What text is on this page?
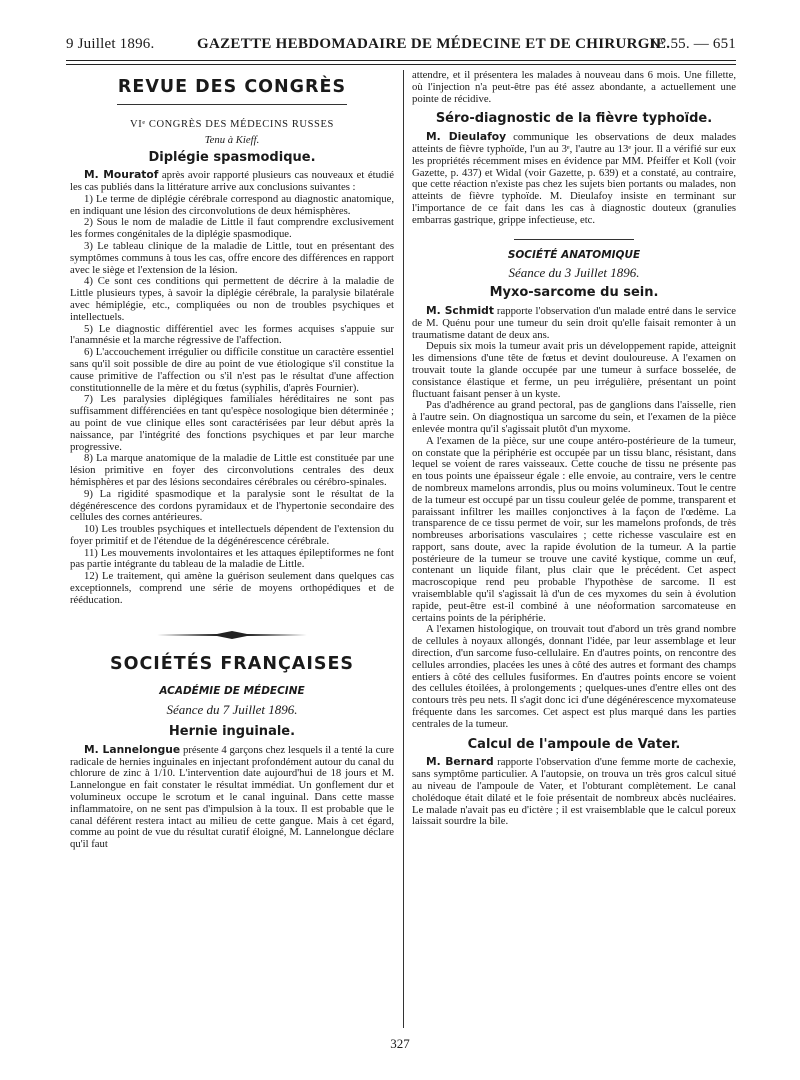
9 Juillet 1896.	GAZETTE HEBDOMADAIRE DE MÉDECINE ET DE CHIRURGIE.
N° 55. — 651
REVUE DES CONGRÈS
VIᵉ CONGRÈS DES MÉDECINS RUSSES
Tenu à Kieff.
Diplégie spasmodique.

M. Mouratof après avoir rapporté plusieurs cas nouveaux et étudié les cas publiés dans la littérature arrive aux conclusions suivantes :

1) Le terme de diplégie cérébrale correspond au diagnostic anatomique, en indiquant une lésion des circonvolutions de deux hémisphères.

2) Sous le nom de maladie de Little il faut comprendre exclusivement les formes congénitales de la diplégie spasmodique.

3) Le tableau clinique de la maladie de Little, tout en présentant des symptômes communs à tous les cas, offre encore des différences en rapport avec le siège et l'extension de la lésion.

4) Ce sont ces conditions qui permettent de décrire à la maladie de Little plusieurs types, à savoir la diplégie cérébrale, la paralysie bilatérale avec hémiplégie, etc., compliquées ou non de troubles psychiques et intellectuels.

5) Le diagnostic différentiel avec les formes acquises s'appuie sur l'anamnésie et la marche régressive de l'affection.

6) L'accouchement irrégulier ou difficile constitue un caractère essentiel sans qu'il soit possible de dire au point de vue étiologique s'il constitue la cause primitive de l'affection ou s'il n'est pas le résultat d'une affection constitutionnelle de la mère et du fœtus (syphilis, d'après Fournier).

7) Les paralysies diplégiques familiales héréditaires ne sont pas suffisamment différenciées en tant qu'espèce nosologique bien déterminée ; au point de vue clinique elles sont caractérisées par leur début après la naissance, par l'intégrité des fonctions psychiques et par leur marche progressive.

8) La marque anatomique de la maladie de Little est constituée par une lésion primitive en foyer des circonvolutions centrales des deux hémisphères et par des lésions secondaires cérébrales ou cérébro-spinales.

9) La rigidité spasmodique et la paralysie sont le résultat de la dégénérescence des cordons pyramidaux et de l'hypertonie secondaire des cellules des cornes antérieures.

10) Les troubles psychiques et intellectuels dépendent de l'extension du foyer primitif et de l'étendue de la dégénérescence cérébrale.

11) Les mouvements involontaires et les attaques épileptiformes ne font pas partie intégrante du tableau de la maladie de Little.

12) Le traitement, qui amène la guérison seulement dans quelques cas exceptionnels, comprend une série de moyens orthopédiques et de rééducation.

SOCIÉTÉS FRANÇAISES
ACADÉMIE DE MÉDECINE
Séance du 7 Juillet 1896.
Hernie inguinale.

M. Lannelongue présente 4 garçons chez lesquels il a tenté la cure radicale de hernies inguinales en injectant profondément autour du canal du chlorure de zinc à 1/10. L'intervention date aujourd'hui de 18 jours et M. Lannelongue en fait constater le résultat immédiat. Un gonflement dur et volumineux occupe le scrotum et le canal inguinal. Dans cette masse inflammatoire, on ne sent pas d'impulsion à la toux. Il est probable que le canal déférent restera intact au milieu de cette gangue. Mais à cet égard, comme au point de vue du résultat curatif éloigné, M. Lannelongue déclare qu'il faut

attendre, et il présentera les malades à nouveau dans 6 mois. Une fillette, où l'injection n'a peut-être pas été assez abondante, a actuellement une pointe de récidive.

Séro-diagnostic de la fièvre typhoïde.

M. Dieulafoy communique les observations de deux malades atteints de fièvre typhoïde, l'un au 3ᵉ, l'autre au 13ᵉ jour. Il a vérifié sur eux les propriétés récemment mises en évidence par MM. Pfeiffer et Koll (voir Gazette, p. 437) et Widal (voir Gazette, p. 639) et a constaté, au contraire, que cette réaction n'existe pas chez les sujets bien portants ou malades, non atteints de fièvre typhoïde. M. Dieulafoy insiste en terminant sur l'importance de ce fait dans les cas à diagnostic douteux (granulies embarras gastrique, grippe infectieuse, etc.

SOCIÉTÉ ANATOMIQUE
Séance du 3 Juillet 1896.
Myxo-sarcome du sein.

M. Schmidt rapporte l'observation d'un malade entré dans le service de M. Quénu pour une tumeur du sein droit qu'elle faisait remonter à un traumatisme datant de deux ans.

Depuis six mois la tumeur avait pris un développement rapide, atteignit les dimensions d'une tête de fœtus et devint douloureuse. A l'examen on trouvait toute la glande occupée par une tumeur à surface bosselée, de consistance élastique et ferme, un peu irrégulière, présentant un point fluctuant faisant penser à un kyste.

Pas d'adhérence au grand pectoral, pas de ganglions dans l'aisselle, rien à l'autre sein. On diagnostiqua un sarcome du sein, et l'examen de la pièce enlevée montra qu'il s'agissait plutôt d'un myxome.

A l'examen de la pièce, sur une coupe antéro-postérieure de la tumeur, on constate que la périphérie est occupée par un tissu blanc, résistant, dans lequel se voient de rares vaisseaux. Cette couche de tissu ne présente pas en tous points une épaisseur égale : elle envoie, au contraire, vers le centre de nombreux mamelons arrondis, plus ou moins volumineux. Tout le centre de la tumeur est occupé par un tissu couleur gelée de pomme, transparent et paraissant infiltrer les mailles conjonctives à la façon de l'œdème. La transparence de ce tissu permet de voir, sur les mamelons profonds, de très nombreuses arborisations vasculaires ; cette richesse vasculaire est en rapport, sans doute, avec la rapide évolution de la tumeur. A la partie postérieure de la tumeur se trouve une cavité kystique, comme un œuf, contenant un liquide filant, plus clair que le précédent. Cet aspect macroscopique rend peu probable l'hypothèse de sarcome. Il est vraisemblable qu'il s'agissait là d'un de ces myxomes du sein à évolution rapide, peut-être est-il combiné à une néoformation sarcomateuse en certains points de la périphérie.

A l'examen histologique, on trouvait tout d'abord un très grand nombre de cellules à noyaux allongés, donnant l'idée, par leur assemblage et leur direction, d'un sarcome fuso-cellulaire. En d'autres points, on rencontre des cellules arrondies, placées les unes à côté des autres et formant des champs entiers à côté des cellules fusiformes. En d'autres points encore se voient des cellules étoilées, à prolongements ; quelques-unes d'entre elles ont des contours très peu nets. Il s'agit donc ici d'une dégénérescence myxomateuse fréquente dans les sarcomes. Cet aspect est plus marqué dans les parties centrales de la tumeur.

Calcul de l'ampoule de Vater.

M. Bernard rapporte l'observation d'une femme morte de cachexie, sans symptôme particulier. A l'autopsie, on trouva un très gros calcul situé au niveau de l'ampoule de Vater, et l'obturant complètement. Le canal cholédoque était dilaté et le foie présentait de nombreux abcès nucléaires. Le malade n'avait pas eu d'ictère ; il est vraisemblable que le calcul poreux laissait sourdre la bile.

327
